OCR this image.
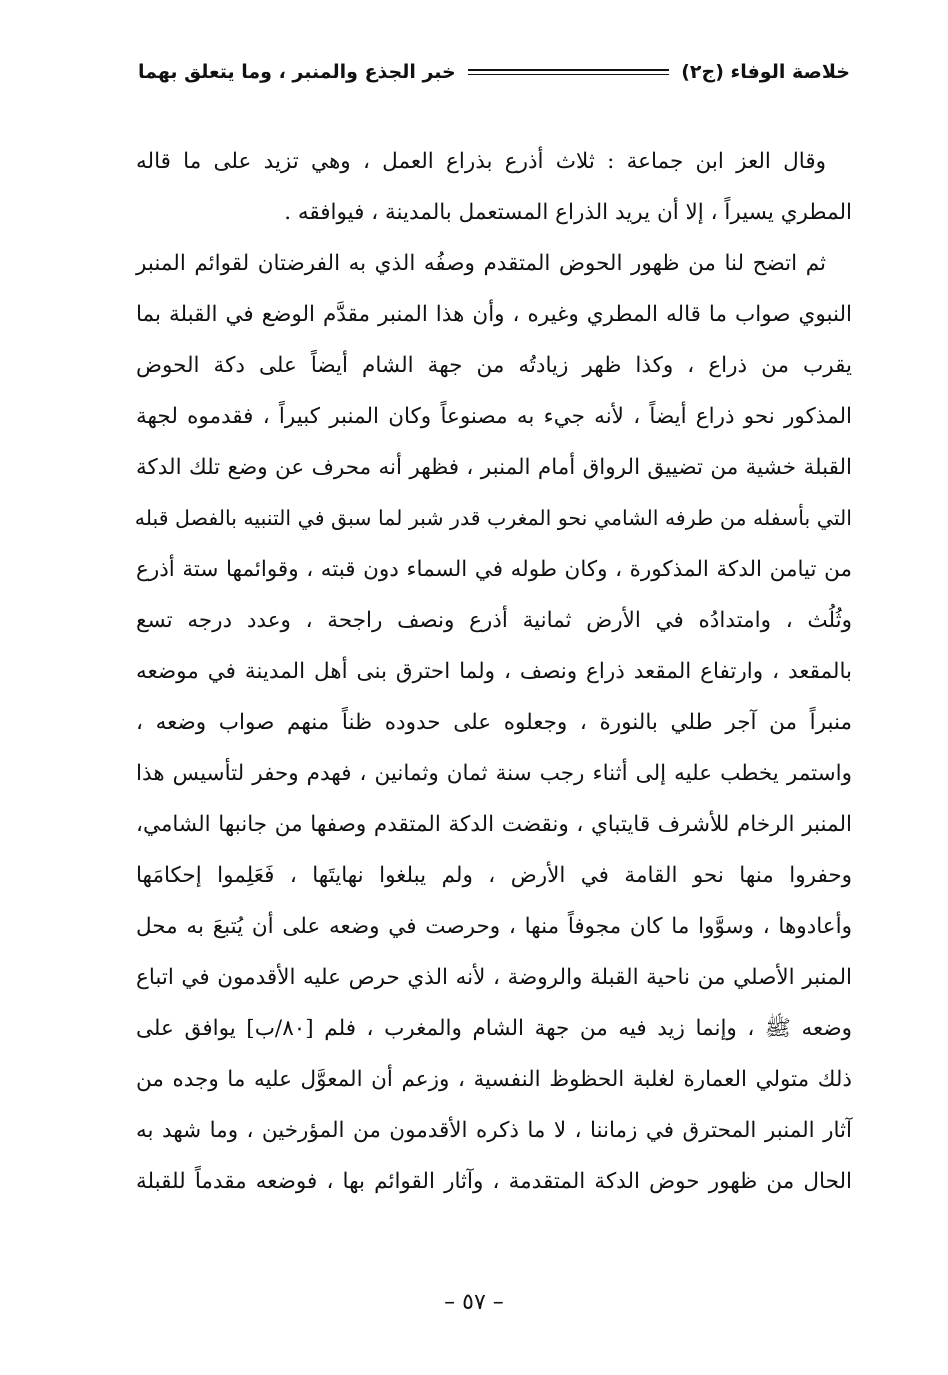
خلاصة الوفاء (ج٢)
خبر الجذع والمنبر ، وما يتعلق بهما
وقال العز ابن جماعة : ثلاث أذرع بذراع العمل ، وهي تزيد على ما قاله
المطري يسيراً ، إلا أن يريد الذراع المستعمل بالمدينة ، فيوافقه .
ثم اتضح لنا من ظهور الحوض المتقدم وصفُه الذي به الفرضتان لقوائم المنبر
النبوي صواب ما قاله المطري وغيره ، وأن هذا المنبر مقدَّم الوضع في القبلة بما
يقرب من ذراع ، وكذا ظهر زيادتُه من جهة الشام أيضاً على دكة الحوض
المذكور نحو ذراع أيضاً ، لأنه جيء به مصنوعاً وكان المنبر كبيراً ، فقدموه لجهة
القبلة خشية من تضييق الرواق أمام المنبر ، فظهر أنه محرف عن وضع تلك الدكة
التي بأسفله من طرفه الشامي نحو المغرب قدر شبر لما سبق في التنبيه بالفصل قبله
من تيامن الدكة المذكورة ، وكان طوله في السماء دون قبته ، وقوائمها ستة أذرع
وثُلُث ، وامتدادُه في الأرض ثمانية أذرع ونصف راجحة ، وعدد درجه تسع
بالمقعد ، وارتفاع المقعد ذراع ونصف ، ولما احترق بنى أهل المدينة في موضعه
منبراً من آجر طلي بالنورة ، وجعلوه على حدوده ظناً منهم صواب وضعه ،
واستمر يخطب عليه إلى أثناء رجب سنة ثمان وثمانين ، فهدم وحفر لتأسيس هذا
المنبر الرخام للأشرف قايتباي ، ونقضت الدكة المتقدم وصفها من جانبها الشامي،
وحفروا منها نحو القامة في الأرض ، ولم يبلغوا نهايتَها ، فَعَلِموا إحكامَها
وأعادوها ، وسوَّوا ما كان مجوفاً منها ، وحرصت في وضعه على أن يُتبعَ به محل
المنبر الأصلي من ناحية القبلة والروضة ، لأنه الذي حرص عليه الأقدمون في اتباع
وضعه ﷺ ، وإنما زيد فيه من جهة الشام والمغرب ، فلم [٨٠/ب] يوافق على
ذلك متولي العمارة لغلبة الحظوظ النفسية ، وزعم أن المعوَّل عليه ما وجده من
آثار المنبر المحترق في زماننا ، لا ما ذكره الأقدمون من المؤرخين ، وما شهد به
الحال من ظهور حوض الدكة المتقدمة ، وآثار القوائم بها ، فوضعه مقدماً للقبلة
– ٥٧ –
